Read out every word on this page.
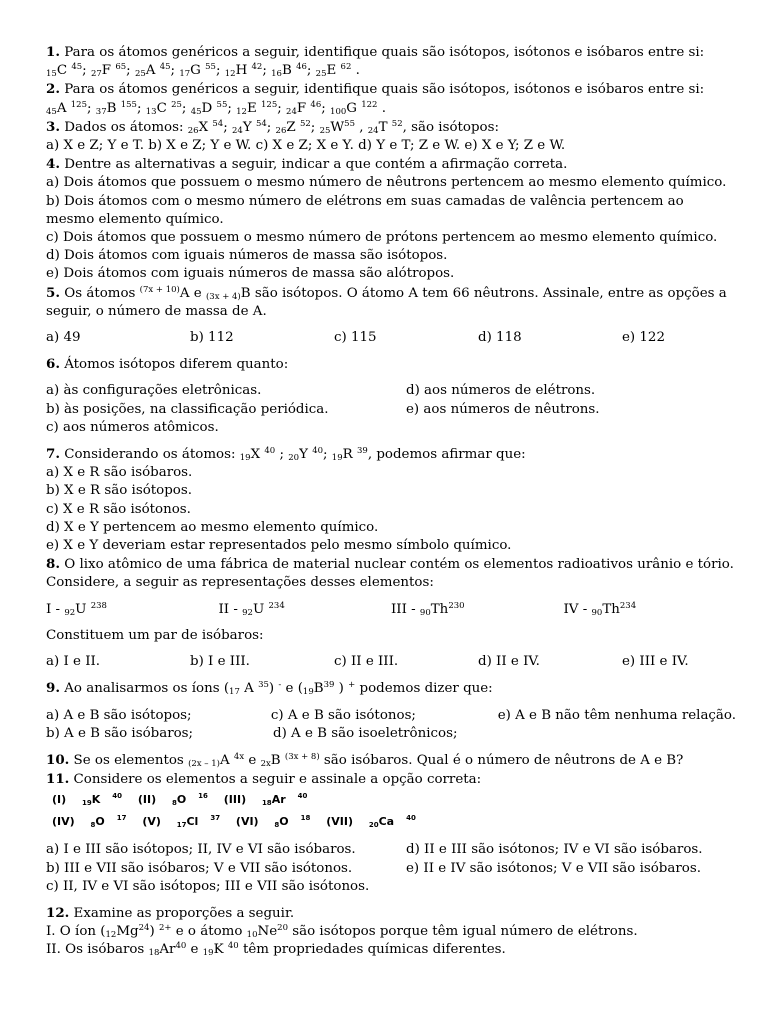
1. Para os átomos genéricos a seguir, identifique quais são isótopos, isótonos e isóbaros entre si:
$_{15}$C $^{45}$; $_{27}$F $^{65}$; $_{25}$A $^{45}$; $_{17}$G $^{55}$; $_{12}$H $^{42}$; $_{16}$B $^{46}$; $_{25}$E $^{62}$ .
2. Para os átomos genéricos a seguir, identifique quais são isótopos, isótonos e isóbaros entre si:
$_{45}$A $^{125}$; $_{37}$B $^{155}$; $_{13}$C $^{25}$; $_{45}$D $^{55}$; $_{12}$E $^{125}$; $_{24}$F $^{46}$; $_{100}$G $^{122}$ .
3. Dados os átomos: $_{26}$X $^{54}$; $_{24}$Y $^{54}$; $_{26}$Z $^{52}$; $_{25}W^{55}$ , $_{24}$T $^{52}$, são isótopos:
a) X e Z; Y e T. b) X e Z; Y e W. c) X e Z; X e Y. d) Y e T; Z e W. e) X e Y; Z e W.
4. Dentre as alternativas a seguir, indicar a que contém a afirmação correta.
a) Dois átomos que possuem o mesmo número de nêutrons pertencem ao mesmo elemento químico.
b) Dois átomos com o mesmo número de elétrons em suas camadas de valência pertencem ao mesmo elemento químico.
c) Dois átomos que possuem o mesmo número de prótons pertencem ao mesmo elemento químico.
d) Dois átomos com iguais números de massa são isótopos.
e) Dois átomos com iguais números de massa são alótropos.
5. Os átomos $^{(7x + 10)}$A e $_{(3x + 4)}$B são isótopos. O átomo A tem 66 nêutrons. Assinale, entre as opções a seguir, o número de massa de A.
a) 49	b) 112	c) 115	d) 118	e) 122
6. Átomos isótopos diferem quanto:
a) às configurações eletrônicas.	d) aos números de elétrons.
b) às posições, na classificação periódica.	e) aos números de nêutrons.
c) aos números atômicos.
7. Considerando os átomos: $_{19}$X $^{40}$ ; $_{20}$Y $^{40}$; $_{19}$R $^{39}$, podemos afirmar que:
a) X e R são isóbaros.
b) X e R são isótopos.
c) X e R são isótonos.
d) X e Y pertencem ao mesmo elemento químico.
e) X e Y deveriam estar representados pelo mesmo símbolo químico.
8. O lixo atômico de uma fábrica de material nuclear contém os elementos radioativos urânio e tório. Considere, a seguir as representações desses elementos:
I - $_{92}$U $^{238}$	II - $_{92}$U $^{234}$	III - $_{90}Th^{230}$	IV - $_{90}Th^{234}$
Constituem um par de isóbaros:
a) I e II.	b) I e III.	c) II e III.	d) II e IV.	e) III e IV.
9. Ao analisarmos os íons ($_{17}$ A $^{35}$) - e ($_{19}B^{39}$ ) + podemos dizer que:
a) A e B são isótopos;	c) A e B são isótonos;	e) A e B não têm nenhuma relação.
b) A e B são isóbaros;	d) A e B são isoeletrônicos;
10. Se os elementos $_{(2x - 1)}$A $^{4x}$ e $_{2x}$B $^{(3x + 8)}$ são isóbaros. Qual é o número de nêutrons de A e B?
11. Considere os elementos a seguir e assinale a opção correta:
(I) $_{19}$K $^{40}$ (II) $_8$O $^{16}$ (III) $_{18}$Ar $^{40}$
(IV) $_8$O $^{17}$ (V) $_{17}$Cl $^{37}$ (VI) $_8$O $^{18}$ (VII) $_{20}$Ca $^{40}$
a) I e III são isótopos; II, IV e VI são isóbaros.	d) II e III são isótonos; IV e VI são isóbaros.
b) III e VII são isóbaros; V e VII são isótonos.	e) II e IV são isótonos; V e VII são isóbaros.
c) II, IV e VI são isótopos; III e VII são isótonos.
12. Examine as proporções a seguir.
I. O íon $(_{12}Mg^{24})$ $^{2+}$ e o átomo $_{10}Ne^{20}$ são isótopos porque têm igual número de elétrons.
II. Os isóbaros $_{18}Ar^{40}$ e $_{19}$K $^{40}$ têm propriedades químicas diferentes.
